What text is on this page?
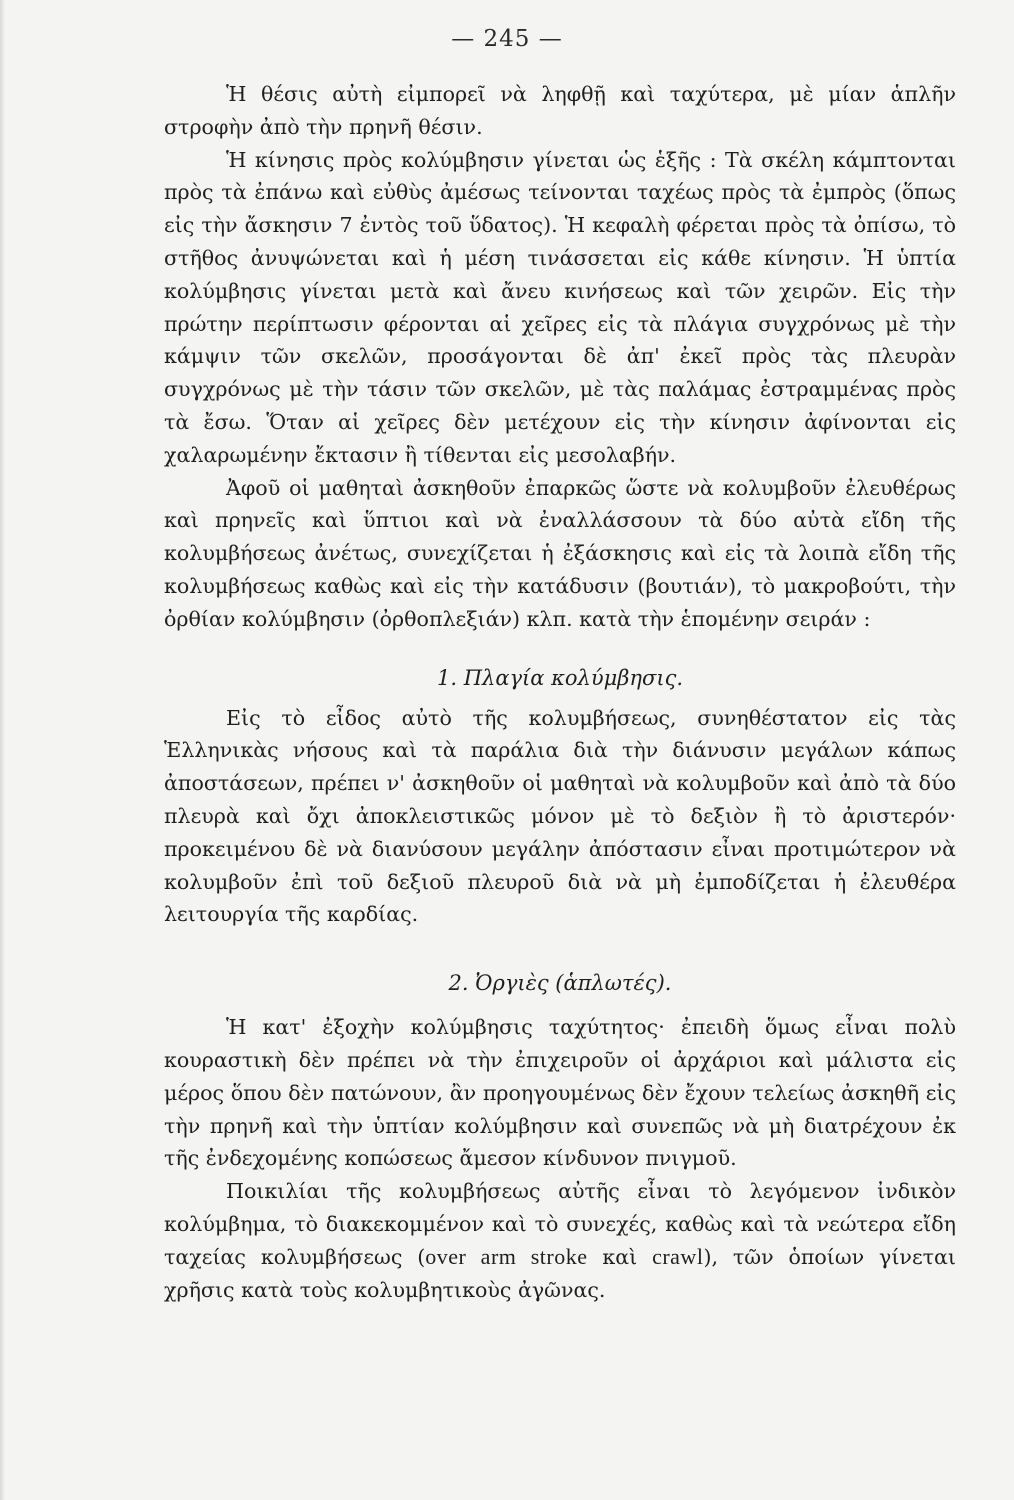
— 245 —

Ἡ θέσις αὐτὴ εἰμπορεῖ νὰ ληφθῇ καὶ ταχύτερα, μὲ μίαν ἁπλῆν στροφὴν ἀπὸ τὴν πρηνῆ θέσιν.

Ἡ κίνησις πρὸς κολύμβησιν γίνεται ὡς ἑξῆς : Τὰ σκέλη κάμπτονται πρὸς τὰ ἐπάνω καὶ εὐθὺς ἀμέσως τείνονται ταχέως πρὸς τὰ ἐμπρὸς (ὅπως εἰς τὴν ἄσκησιν 7 ἐντὸς τοῦ ὕδατος). Ἡ κεφαλὴ φέρεται πρὸς τὰ ὀπίσω, τὸ στῆθος ἀνυψώνεται καὶ ἡ μέση τινάσσεται εἰς κάθε κίνησιν. Ἡ ὑπτία κολύμβησις γίνεται μετὰ καὶ ἄνευ κινήσεως καὶ τῶν χειρῶν. Εἰς τὴν πρώτην περίπτωσιν φέρονται αἱ χεῖρες εἰς τὰ πλάγια συγχρόνως μὲ τὴν κάμψιν τῶν σκελῶν, προσάγονται δὲ ἀπ' ἐκεῖ πρὸς τὰς πλευρὰν συγχρόνως μὲ τὴν τάσιν τῶν σκελῶν, μὲ τὰς παλάμας ἐστραμμένας πρὸς τὰ ἔσω. Ὅταν αἱ χεῖρες δὲν μετέχουν εἰς τὴν κίνησιν ἀφίνονται εἰς χαλαρωμένην ἔκτασιν ἢ τίθενται εἰς μεσολαβήν.

Ἀφοῦ οἱ μαθηταὶ ἀσκηθοῦν ἐπαρκῶς ὥστε νὰ κολυμβοῦν ἐλευθέρως καὶ πρηνεῖς καὶ ὕπτιοι καὶ νὰ ἐναλλάσσουν τὰ δύο αὐτὰ εἴδη τῆς κολυμβήσεως ἀνέτως, συνεχίζεται ἡ ἐξάσκησις καὶ εἰς τὰ λοιπὰ εἴδη τῆς κολυμβήσεως καθὼς καὶ εἰς τὴν κατάδυσιν (βουτιάν), τὸ μακροβούτι, τὴν ὀρθίαν κολύμβησιν (ὀρθοπλεξιάν) κλπ. κατὰ τὴν ἑπομένην σειράν :

1. Πλαγία κολύμβησις.

Εἰς τὸ εἶδος αὐτὸ τῆς κολυμβήσεως, συνηθέστατον εἰς τὰς Ἑλληνικὰς νήσους καὶ τὰ παράλια διὰ τὴν διάνυσιν μεγάλων κάπως ἀποστάσεων, πρέπει ν' ἀσκηθοῦν οἱ μαθηταὶ νὰ κολυμβοῦν καὶ ἀπὸ τὰ δύο πλευρὰ καὶ ὄχι ἀποκλειστικῶς μόνον μὲ τὸ δεξιὸν ἢ τὸ ἀριστερόν· προκειμένου δὲ νὰ διανύσουν μεγάλην ἀπόστασιν εἶναι προτιμώτερον νὰ κολυμβοῦν ἐπὶ τοῦ δεξιοῦ πλευροῦ διὰ νὰ μὴ ἐμποδίζεται ἡ ἐλευθέρα λειτουργία τῆς καρδίας.

2. Ὀργιὲς (ἁπλωτές).

Ἡ κατ' ἐξοχὴν κολύμβησις ταχύτητος· ἐπειδὴ ὅμως εἶναι πολὺ κουραστικὴ δὲν πρέπει νὰ τὴν ἐπιχειροῦν οἱ ἀρχάριοι καὶ μάλιστα εἰς μέρος ὅπου δὲν πατώνουν, ἂν προηγουμένως δὲν ἔχουν τελείως ἀσκηθῆ εἰς τὴν πρηνῆ καὶ τὴν ὑπτίαν κολύμβησιν καὶ συνεπῶς νὰ μὴ διατρέχουν ἐκ τῆς ἐνδεχομένης κοπώσεως ἄμεσον κίνδυνον πνιγμοῦ.

Ποικιλίαι τῆς κολυμβήσεως αὐτῆς εἶναι τὸ λεγόμενον ἰνδικὸν κολύμβημα, τὸ διακεκομμένον καὶ τὸ συνεχές, καθὼς καὶ τὰ νεώτερα εἴδη ταχείας κολυμβήσεως (over arm stroke καὶ crawl), τῶν ὁποίων γίνεται χρῆσις κατὰ τοὺς κολυμβητικοὺς ἀγῶνας.
